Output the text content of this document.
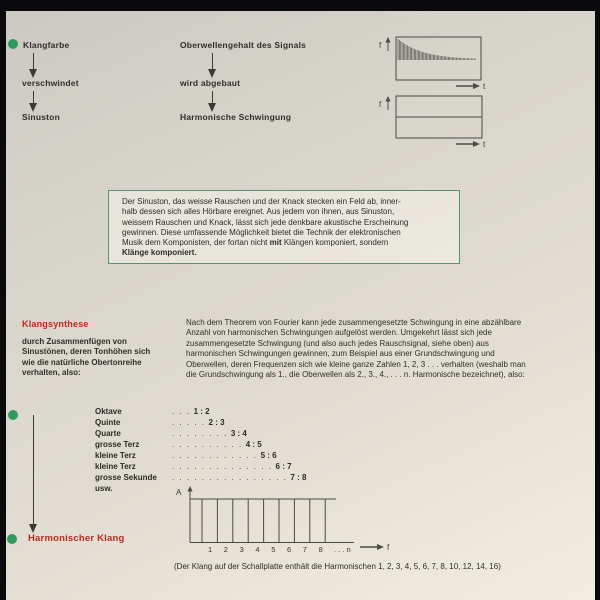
Klangfarbe
verschwindet
Sinuston
Oberwellengehalt des Signals
wird abgebaut
Harmonische Schwingung
f
t
f
t
Der Sinuston, das weisse Rauschen und der Knack stecken ein Feld ab, inner-
halb dessen sich alles Hörbare ereignet. Aus jedem von ihnen, aus Sinuston,
weissem Rauschen und Knack, lässt sich jede denkbare akustische Erscheinung
gewinnen. Diese umfassende Möglichkeit bietet die Technik der elektronischen
Musik dem Komponisten, der fortan nicht mit Klängen komponiert, sondern
Klänge komponiert.
Klangsynthese
durch Zusammenfügen von
Sinustönen, deren Tonhöhen sich
wie die natürliche Obertonreihe
verhalten, also:
Nach dem Theorem von Fourier kann jede zusammengesetzte Schwingung in eine abzählbare
Anzahl von harmonischen Schwingungen aufgelöst werden. Umgekehrt lässt sich jede
zusammengesetzte Schwingung (und also auch jedes Rauschsignal, siehe oben) aus
harmonischen Schwingungen gewinnen, zum Beispiel aus einer Grundschwingung und
Oberwellen, deren Frequenzen sich wie kleine ganze Zahlen 1, 2, 3 . . . verhalten (weshalb man
die Grundschwingung als 1., die Oberwellen als 2., 3., 4., . . . n. Harmonische bezeichnet), also:
Oktave	. . . 1 : 2
Quinte	. . . . . 2 : 3
Quarte	. . . . . . . . 3 : 4
grosse Terz	. . . . . . . . . . 4 : 5
kleine Terz	. . . . . . . . . . . . 5 : 6
kleine Terz	. . . . . . . . . . . . . . 6 : 7
grosse Sekunde . . . . . . . . . . . . . . . . 7 : 8
usw.	A
1 2 3 4 5 6 7 8 . . . n	f
Harmonischer Klang
(Der Klang auf der Schallplatte enthält die Harmonischen 1, 2, 3, 4, 5, 6, 7, 8, 10, 12, 14, 16)
